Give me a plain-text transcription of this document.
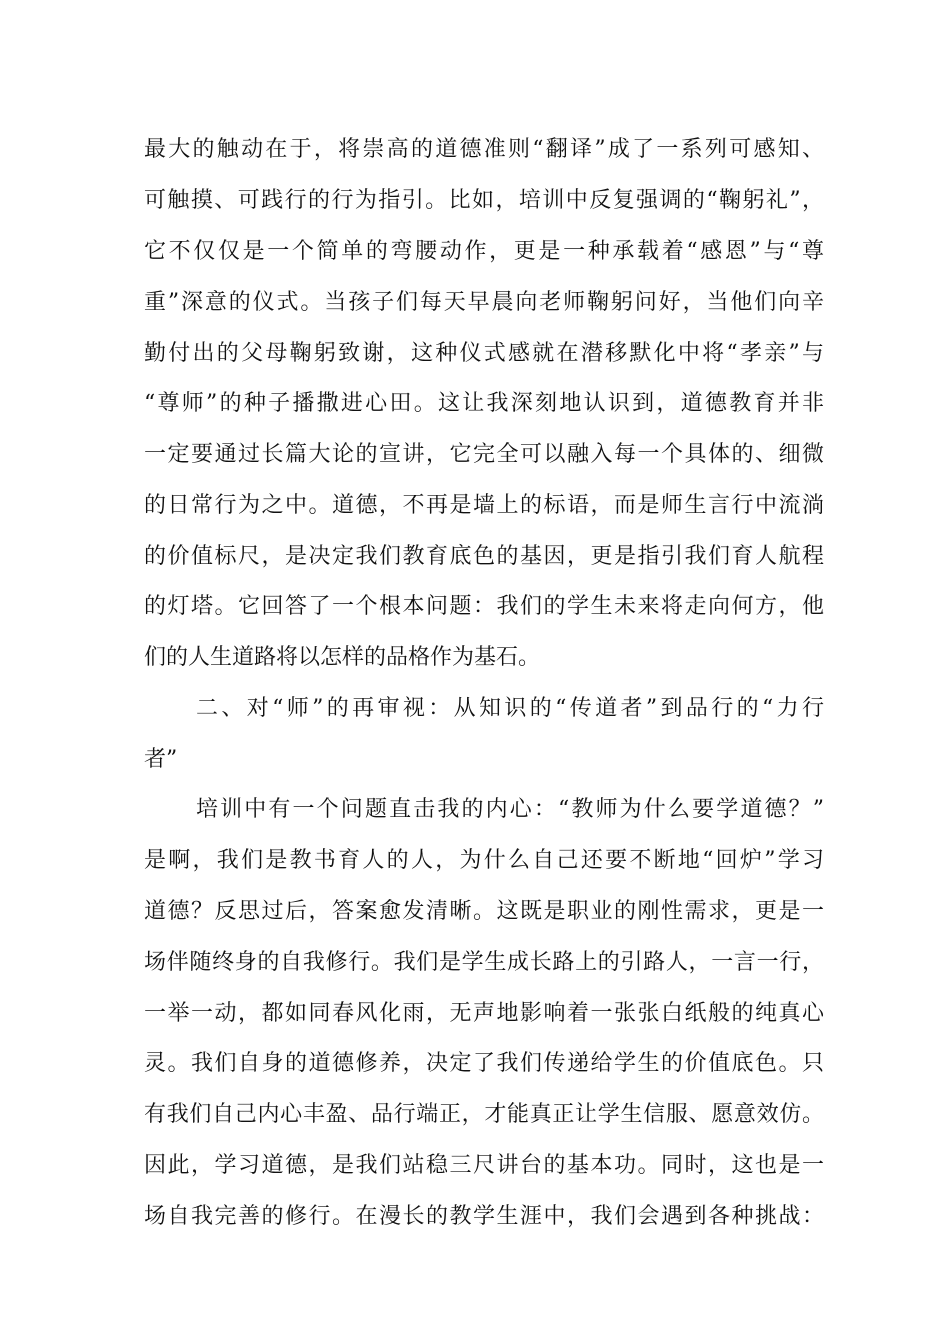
最大的触动在于，将崇高的道德准则“翻译”成了一系列可感知、
可触摸、可践行的行为指引。比如，培训中反复强调的“鞠躬礼”，
它不仅仅是一个简单的弯腰动作，更是一种承载着“感恩”与“尊
重”深意的仪式。当孩子们每天早晨向老师鞠躬问好，当他们向辛
勤付出的父母鞠躬致谢，这种仪式感就在潜移默化中将“孝亲”与
“尊师”的种子播撒进心田。这让我深刻地认识到，道德教育并非
一定要通过长篇大论的宣讲，它完全可以融入每一个具体的、细微
的日常行为之中。道德，不再是墙上的标语，而是师生言行中流淌
的价值标尺，是决定我们教育底色的基因，更是指引我们育人航程
的灯塔。它回答了一个根本问题：我们的学生未来将走向何方，他
们的人生道路将以怎样的品格作为基石。
二、对“师”的再审视：从知识的“传道者”到品行的“力行
者”
培训中有一个问题直击我的内心：“教师为什么要学道德？”
是啊，我们是教书育人的人，为什么自己还要不断地“回炉”学习
道德？反思过后，答案愈发清晰。这既是职业的刚性需求，更是一
场伴随终身的自我修行。我们是学生成长路上的引路人，一言一行，
一举一动，都如同春风化雨，无声地影响着一张张白纸般的纯真心
灵。我们自身的道德修养，决定了我们传递给学生的价值底色。只
有我们自己内心丰盈、品行端正，才能真正让学生信服、愿意效仿。
因此，学习道德，是我们站稳三尺讲台的基本功。同时，这也是一
场自我完善的修行。在漫长的教学生涯中，我们会遇到各种挑战：
